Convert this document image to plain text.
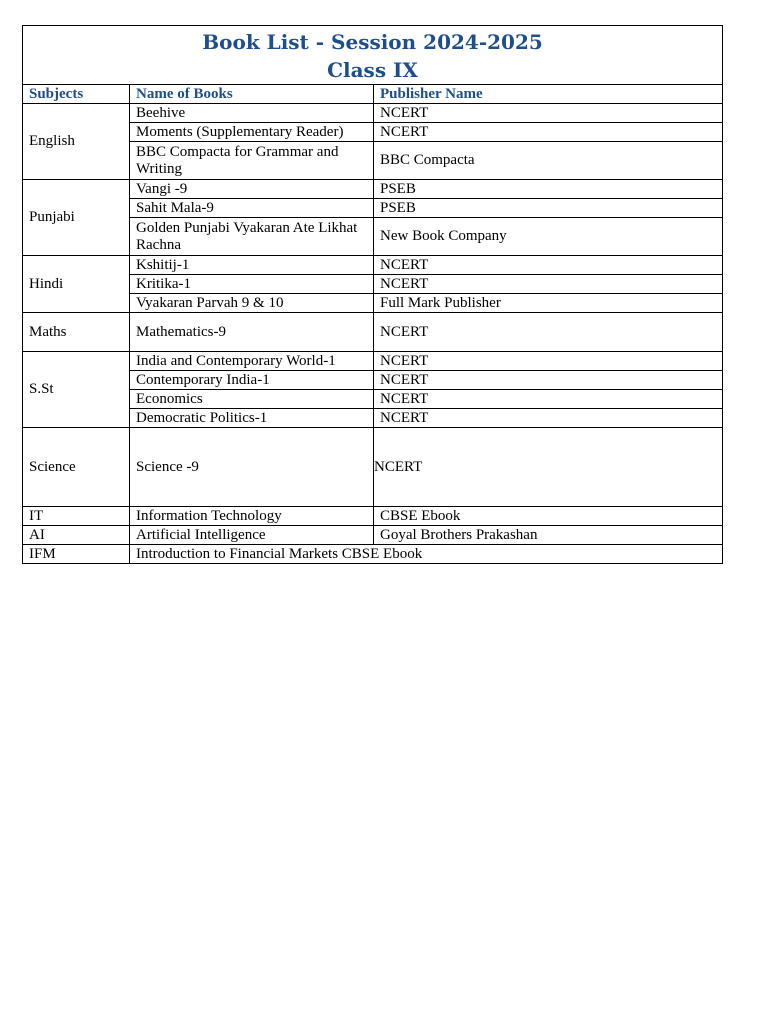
Book List - Session 2024-2025
Class IX		

Subjects	Name of Books	Publisher Name
English	Beehive	NCERT
	Moments (Supplementary Reader)	NCERT
	BBC Compacta for Grammar and Writing	BBC Compacta
Punjabi	Vangi -9	PSEB
	Sahit Mala-9	PSEB
	Golden Punjabi Vyakaran Ate Likhat Rachna	New Book Company
Hindi	Kshitij-1	NCERT
	Kritika-1	NCERT
	Vyakaran Parvah 9 & 10	Full Mark Publisher
Maths	Mathematics-9	NCERT
S.St	India and Contemporary World-1	NCERT
	Contemporary India-1	NCERT
	Economics	NCERT
	Democratic Politics-1	NCERT
Science	Science -9	NCERT
IT	Information Technology	CBSE Ebook
AI	Artificial Intelligence	Goyal Brothers Prakashan
IFM	Introduction to Financial Markets CBSE Ebook	
